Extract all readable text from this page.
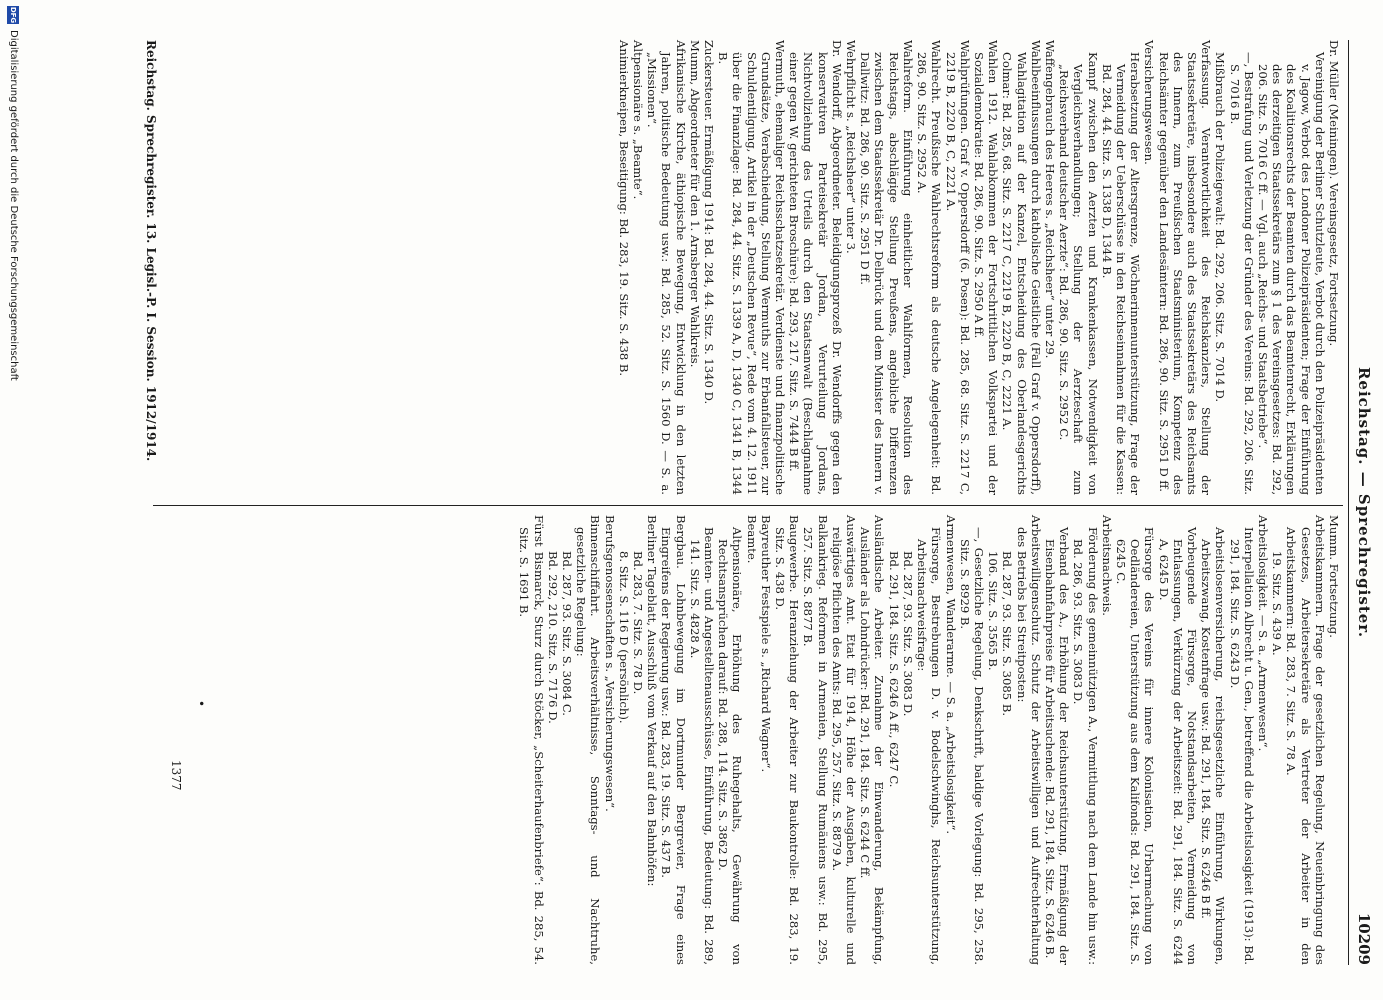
Reichstag. — Sprechregister.
10209

Dr. Müller (Meiningen). Vereinsgesetz, Fortsetzung.

Vereinigung der Berliner Schutzleute, Verbot durch den Polizeipräsidenten v. Jagow, Verbot des Londoner Polizeipräsidenten; Frage der Einführung des Koalitionsrechts der Beamten durch das Beamtenrecht, Erklärungen des derzeitigen Staatssekretärs zum § 1 des Vereinsgesetzes: Bd. 292, 206. Sitz. S. 7016 C ff. — Vgl. auch „Reichs- und Staatsbetriebe“.

—, Bestrafung und Verletzung der Gründer des Vereins: Bd. 292, 206. Sitz. S. 7016 B.

Mißbrauch der Polizeigewalt: Bd. 292, 206. Sitz. S. 7014 D.

Verfassung. Verantwortlichkeit des Reichskanzlers, Stellung der Staatssekretäre, insbesondere auch des Staatssekretärs des Reichsamts des Innern, zum Preußischen Staatsministerium, Kompetenz des Reichsämter gegenüber den Landesämtern: Bd. 286, 90. Sitz. S. 2951 D ff.

Versicherungswesen.

Herabsetzung der Altersgrenze, Wöchnerinnenunterstützung, Frage der Vermeidung der Ueberschüsse in den Reichseinnahmen für die Kassen: Bd. 284, 44. Sitz. S. 1338 D, 1344 B.

Kampf zwischen den Aerzten und Krankenkassen, Notwendigkeit von Vergleichsverhandlungen; Stellung der Aerzteschaft zum „Reichsverband deutscher Aerzte“: Bd. 286, 90. Sitz. S. 2952 C.

Waffengebrauch des Heeres s. „Reichsheer“ unter 29.

Wahlbeeinflussungen durch katholische Geistliche (Fall Graf v. Oppersdorff), Wahlagitation auf der Kanzel, Entscheidung des Oberlandesgerichts Colmar: Bd. 285, 68. Sitz. S. 2217 C, 2219 B, 2220 B, C, 2221 A.

Wahlen 1912. Wahlabkommen der Fortschrittlichen Volkspartei und der Sozialdemokratie: Bd. 286, 90. Sitz. S. 2950 A ff.

Wahlprüfungen. Graf v. Oppersdorff (6. Posen): Bd. 285, 68. Sitz. S. 2217 C, 2219 B, 2220 B, C, 2221 A.

Wahlrecht. Preußische Wahlrechtsreform als deutsche Angelegenheit: Bd. 286, 90. Sitz. S. 2952 A.

Wahlreform. Einführung einheitlicher Wahlformen, Resolution des Reichstags, abschlägige Stellung Preußens, angebliche Differenzen zwischen dem Staatssekretär Dr. Delbrück und dem Minister des Innern v. Dallwitz: Bd. 286, 90. Sitz. S. 2951 D ff.

Wehrpflicht s. „Reichsheer“ unter 3.

Dr. Wendorff, Abgeordneter. Beleidigungsprozeß Dr. Wendorffs gegen den konservativen Parteisekretär Jordan, Verurteilung Jordans, Nichtvollziehung des Urteils durch den Staatsanwalt (Beschlagnahme einer gegen W. gerichteten Broschüre): Bd. 293, 217. Sitz. S. 7444 B ff.

Wermuth, ehemaliger Reichsschatzsekretär. Verdienste und finanzpolitische Grundsätze, Verabschiedung, Stellung Wermuths zur Erbanfallsteuer, zur Schuldentilgung, Artikel in der „Deutschen Revue“, Rede vom 4. 12. 1911 über die Finanzlage: Bd. 284, 44. Sitz. S. 1339 A, D, 1340 C, 1341 B, 1344 B.

Zuckersteuer. Ermäßigung 1914: Bd. 284, 44. Sitz. S. 1340 D.

Mumm, Abgeordneter für den 1. Arnsberger Wahlkreis.

Afrikanische Kirche, äthiopische Bewegung, Entwicklung in den letzten Jahren, politische Bedeutung usw.: Bd. 285, 52. Sitz. S. 1560 D. — S. a. „Missionen“.

Altpensionäre s. „Beamte“.

Animierkneipen, Beseitigung: Bd. 283, 19. Sitz. S. 438 B.

Mumm. Fortsetzung.

Arbeitskammern. Frage der gesetzlichen Regelung, Neueinbringung des Gesetzes, Arbeitersekretäre als Vertreter der Arbeiter in den Arbeitskammern: Bd. 283, 7. Sitz. S. 78 A.

19. Sitz. S. 439 A.

Arbeitslosigkeit. — S. a. „Armenwesen“.

Interpellation Albrecht u. Gen., betreffend die Arbeitslosigkeit (1913): Bd. 291, 184. Sitz. S. 6243 D.

Arbeitslosenversicherung, reichsgesetzliche Einführung, Wirkungen, Arbeitszwang, Kostenfrage usw.: Bd. 291, 184. Sitz. S. 6246 B ff.

Vorbeugende Fürsorge, Notstandsarbeiten, Vermeidung von Entlassungen, Verkürzung der Arbeitszeit: Bd. 291, 184. Sitz. S. 6244 A, 6245 D.

Fürsorge des Vereins für innere Kolonisation, Urbarmachung von Oedländereien, Unterstützung aus dem Kalifonds: Bd. 291, 184. Sitz. S. 6245 C.

Arbeitsnachweis.

Förderung des gemeinnützigen A., Vermittlung nach dem Lande hin usw.: Bd. 286, 93. Sitz. S. 3083 D.

Verband des A., Erhöhung der Reichsunterstützung, Ermäßigung der Eisenbahnfahrpreise für Arbeitsuchende: Bd. 291, 184. Sitz. S. 6246 B.

Arbeitswilligenschutz. Schutz der Arbeitswilligen und Aufrechterhaltung des Betriebs bei Streitposten:

Bd. 287, 93. Sitz. S. 3085 B.

106. Sitz. S. 3565 B.

—, Gesetzliche Regelung, Denkschrift, baldige Vorlegung: Bd. 295, 258. Sitz. S. 8929 B.

Armenwesen, Wanderarme. — S. a. „Arbeitslosigkeit“.

Fürsorge, Bestrebungen D. v. Bodelschwinghs, Reichsunterstützung, Arbeitsnachweisfrage:

Bd. 287, 93. Sitz. S. 3083 D.

Bd. 291, 184. Sitz. S. 6246 A ff., 6247 C.

Ausländische Arbeiter. Zunahme der Einwanderung, Bekämpfung, Ausländer als Lohndrücker: Bd. 291, 184. Sitz. S. 6244 C ff.

Auswärtiges Amt. Etat für 1914, Höhe der Ausgaben, kulturelle und religiöse Pflichten des Amts: Bd. 295, 257. Sitz. S. 8879 A.

Balkankrieg. Reformen in Armenien, Stellung Rumäniens usw.: Bd. 295, 257. Sitz. S. 8877 B.

Baugewerbe. Heranziehung der Arbeiter zur Baukontrolle: Bd. 283, 19. Sitz. S. 438 D.

Bayreuther Festspiele s. „Richard Wagner“.

Beamte.

Altpensionäre, Erhöhung des Ruhegehalts, Gewährung von Rechtsansprüchen darauf: Bd. 288, 114. Sitz. S. 3862 D.

Beamten- und Angestelltenausschüsse, Einführung, Bedeutung: Bd. 289, 141. Sitz. S. 4828 A.

Bergbau. Lohnbewegung im Dortmunder Bergrevier, Frage eines Eingreifens der Regierung usw.: Bd. 283, 19. Sitz. S. 437 B.

Berliner Tageblatt, Ausschluß vom Verkauf auf den Bahnhöfen:

Bd. 283, 7. Sitz. S. 78 D.

8. Sitz. S. 116 D (persönlich).

Berufsgenossenschaften s. „Versicherungswesen“.

Binnenschiffahrt. Arbeitsverhältnisse, Sonntags- und Nachtruhe, gesetzliche Regelung:

Bd. 287, 93. Sitz. S. 3084 C.

Bd. 292, 210. Sitz. S. 7176 D.

Fürst Bismarck, Sturz durch Stöcker, „Scheiterhaufenbriefe“: Bd. 285, 54. Sitz. S. 1691 B.

•
1377
Reichstag. Sprechregister. 13. Legisl.-P. I. Session. 1912/1914.
DFG
Digitalisierung gefördert durch die Deutsche Forschungsgemeinschaft
